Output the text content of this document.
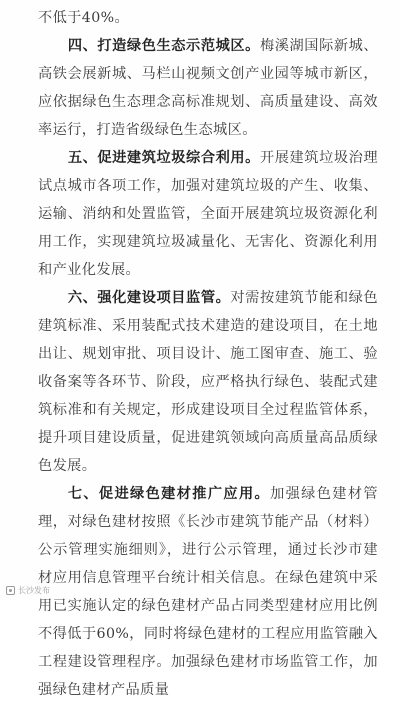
不低于40%。

四、打造绿色生态示范城区。梅溪湖国际新城、高铁会展新城、马栏山视频文创产业园等城市新区，应依据绿色生态理念高标准规划、高质量建设、高效率运行，打造省级绿色生态城区。

五、促进建筑垃圾综合利用。开展建筑垃圾治理试点城市各项工作，加强对建筑垃圾的产生、收集、运输、消纳和处置监管，全面开展建筑垃圾资源化利用工作，实现建筑垃圾减量化、无害化、资源化利用和产业化发展。

六、强化建设项目监管。对需按建筑节能和绿色建筑标准、采用装配式技术建造的建设项目，在土地出让、规划审批、项目设计、施工图审查、施工、验收备案等各环节、阶段，应严格执行绿色、装配式建筑标准和有关规定，形成建设项目全过程监管体系，提升项目建设质量，促进建筑领域向高质量高品质绿色发展。

七、促进绿色建材推广应用。加强绿色建材管理，对绿色建材按照《长沙市建筑节能产品（材料）公示管理实施细则》，进行公示管理，通过长沙市建材应用信息管理平台统计相关信息。在绿色建筑中采用已实施认定的绿色建材产品占同类型建材应用比例不得低于60%，同时将绿色建材的工程应用监管融入工程建设管理程序。加强绿色建材市场监管工作，加强绿色建材产品质量

长沙发布
